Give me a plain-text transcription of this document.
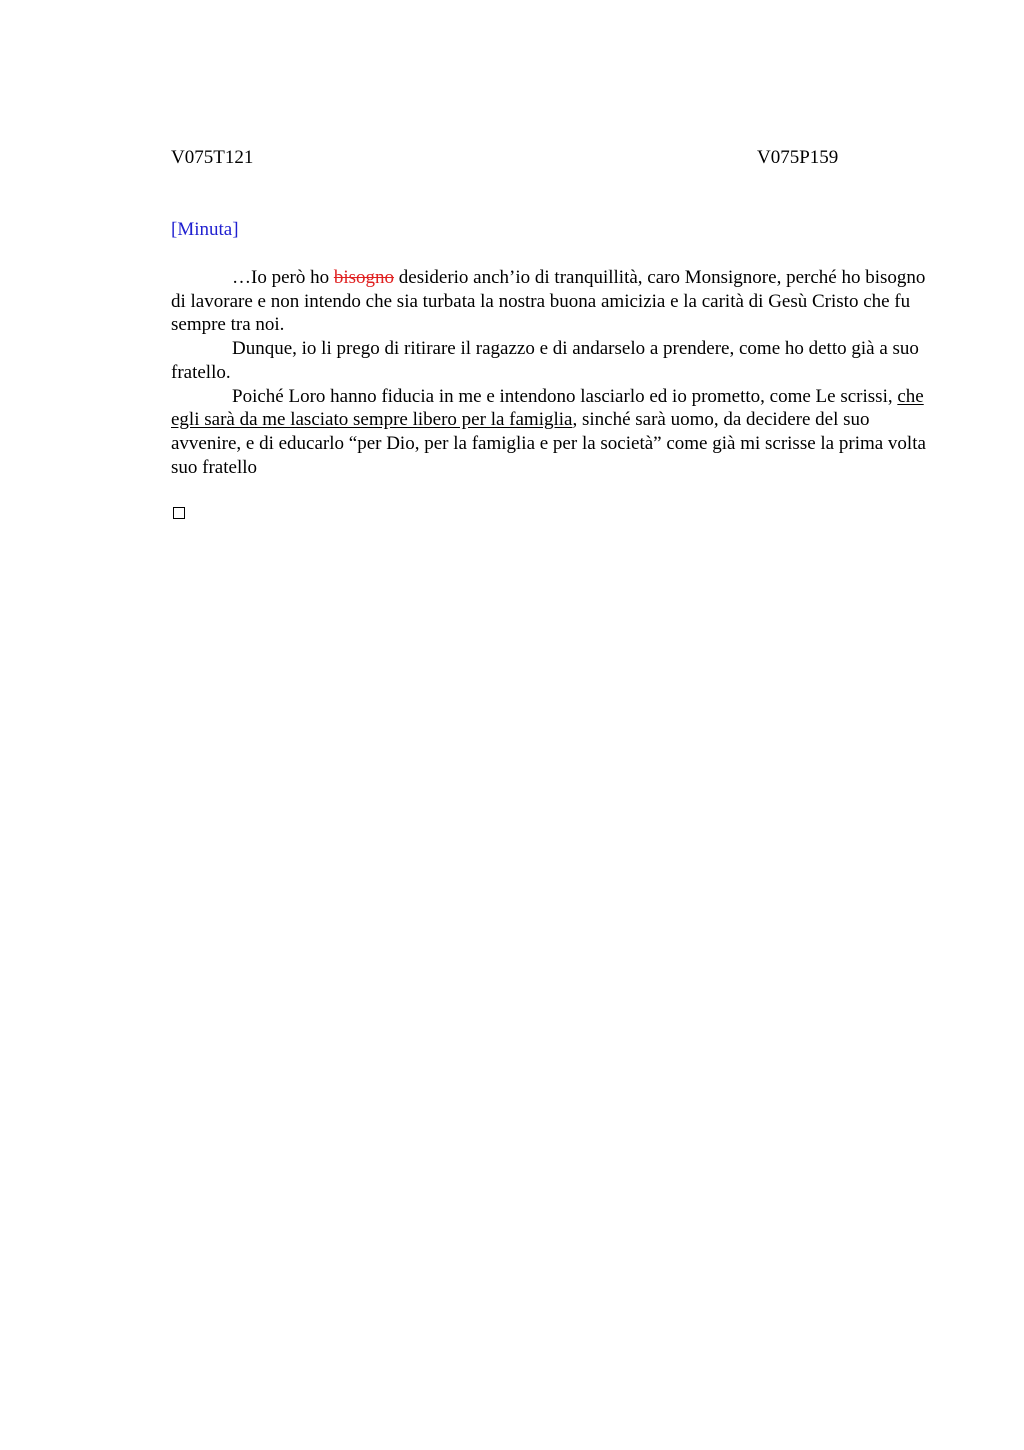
V075T121	V075P159
[Minuta]

…Io però ho bisogno desiderio anch’io di tranquillità, caro Monsignore, perché ho bisogno di lavorare e non intendo che sia turbata la nostra buona amicizia e la carità di Gesù Cristo che fu sempre tra noi.

Dunque, io li prego di ritirare il ragazzo e di andarselo a prendere, come ho detto già a suo fratello.

Poiché Loro hanno fiducia in me e intendono lasciarlo ed io prometto, come Le scrissi, che egli sarà da me lasciato sempre libero per la famiglia, sinché sarà uomo, da decidere del suo avvenire, e di educarlo “per Dio, per la famiglia e per la società” come già mi scrisse la prima volta suo fratello
